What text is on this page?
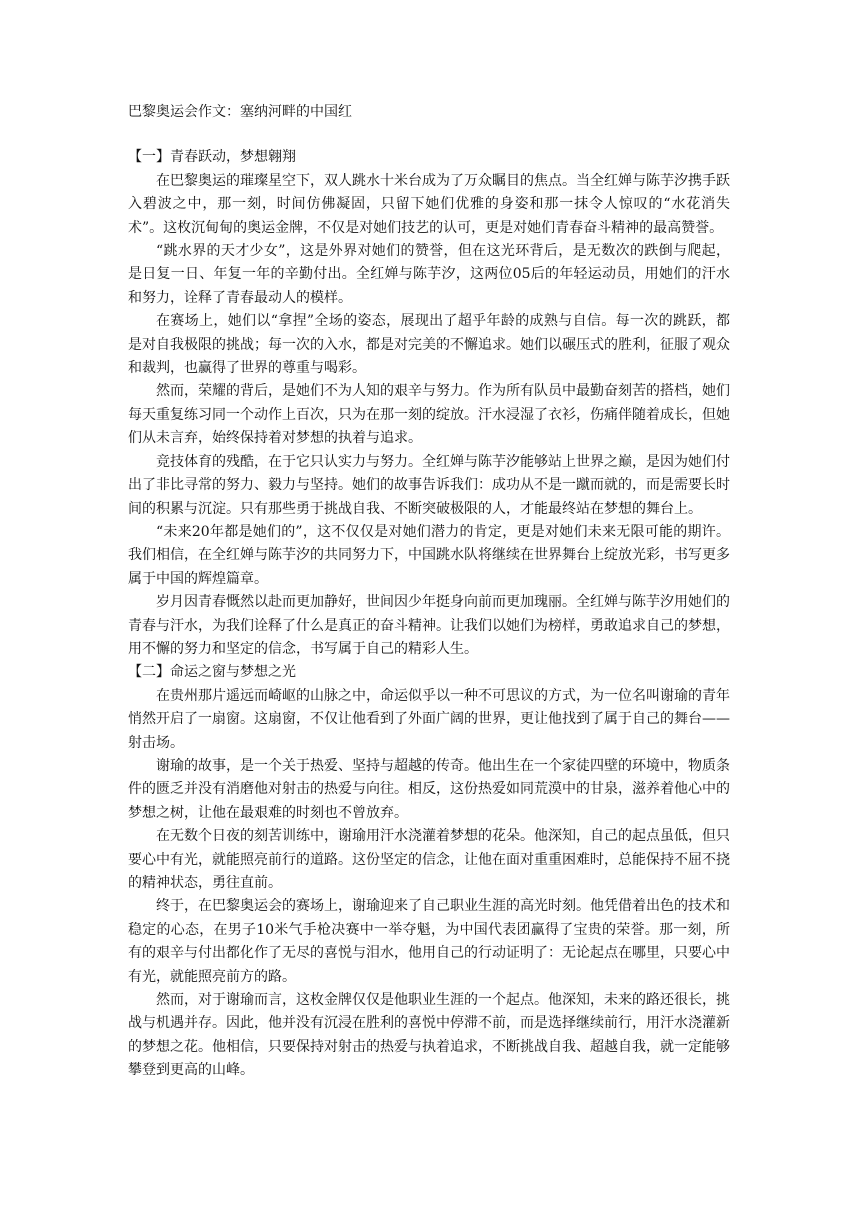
巴黎奥运会作文：塞纳河畔的中国红

【一】青春跃动，梦想翱翔

在巴黎奥运的璀璨星空下，双人跳水十米台成为了万众瞩目的焦点。当全红婵与陈芋汐携手跃入碧波之中，那一刻，时间仿佛凝固，只留下她们优雅的身姿和那一抹令人惊叹的“水花消失术”。这枚沉甸甸的奥运金牌，不仅是对她们技艺的认可，更是对她们青春奋斗精神的最高赞誉。

“跳水界的天才少女”，这是外界对她们的赞誉，但在这光环背后，是无数次的跌倒与爬起，是日复一日、年复一年的辛勤付出。全红婵与陈芋汐，这两位05后的年轻运动员，用她们的汗水和努力，诠释了青春最动人的模样。

在赛场上，她们以“拿捏”全场的姿态，展现出了超乎年龄的成熟与自信。每一次的跳跃，都是对自我极限的挑战；每一次的入水，都是对完美的不懈追求。她们以碾压式的胜利，征服了观众和裁判，也赢得了世界的尊重与喝彩。

然而，荣耀的背后，是她们不为人知的艰辛与努力。作为所有队员中最勤奋刻苦的搭档，她们每天重复练习同一个动作上百次，只为在那一刻的绽放。汗水浸湿了衣衫，伤痛伴随着成长，但她们从未言弃，始终保持着对梦想的执着与追求。

竞技体育的残酷，在于它只认实力与努力。全红婵与陈芋汐能够站上世界之巅，是因为她们付出了非比寻常的努力、毅力与坚持。她们的故事告诉我们：成功从不是一蹴而就的，而是需要长时间的积累与沉淀。只有那些勇于挑战自我、不断突破极限的人，才能最终站在梦想的舞台上。

“未来20年都是她们的”，这不仅仅是对她们潜力的肯定，更是对她们未来无限可能的期许。我们相信，在全红婵与陈芋汐的共同努力下，中国跳水队将继续在世界舞台上绽放光彩，书写更多属于中国的辉煌篇章。

岁月因青春慨然以赴而更加静好，世间因少年挺身向前而更加瑰丽。全红婵与陈芋汐用她们的青春与汗水，为我们诠释了什么是真正的奋斗精神。让我们以她们为榜样，勇敢追求自己的梦想，用不懈的努力和坚定的信念，书写属于自己的精彩人生。

【二】命运之窗与梦想之光

在贵州那片遥远而崎岖的山脉之中，命运似乎以一种不可思议的方式，为一位名叫谢瑜的青年悄然开启了一扇窗。这扇窗，不仅让他看到了外面广阔的世界，更让他找到了属于自己的舞台——射击场。

谢瑜的故事，是一个关于热爱、坚持与超越的传奇。他出生在一个家徒四壁的环境中，物质条件的匮乏并没有消磨他对射击的热爱与向往。相反，这份热爱如同荒漠中的甘泉，滋养着他心中的梦想之树，让他在最艰难的时刻也不曾放弃。

在无数个日夜的刻苦训练中，谢瑜用汗水浇灌着梦想的花朵。他深知，自己的起点虽低，但只要心中有光，就能照亮前行的道路。这份坚定的信念，让他在面对重重困难时，总能保持不屈不挠的精神状态，勇往直前。

终于，在巴黎奥运会的赛场上，谢瑜迎来了自己职业生涯的高光时刻。他凭借着出色的技术和稳定的心态，在男子10米气手枪决赛中一举夺魁，为中国代表团赢得了宝贵的荣誉。那一刻，所有的艰辛与付出都化作了无尽的喜悦与泪水，他用自己的行动证明了：无论起点在哪里，只要心中有光，就能照亮前方的路。

然而，对于谢瑜而言，这枚金牌仅仅是他职业生涯的一个起点。他深知，未来的路还很长，挑战与机遇并存。因此，他并没有沉浸在胜利的喜悦中停滞不前，而是选择继续前行，用汗水浇灌新的梦想之花。他相信，只要保持对射击的热爱与执着追求，不断挑战自我、超越自我，就一定能够攀登到更高的山峰。
